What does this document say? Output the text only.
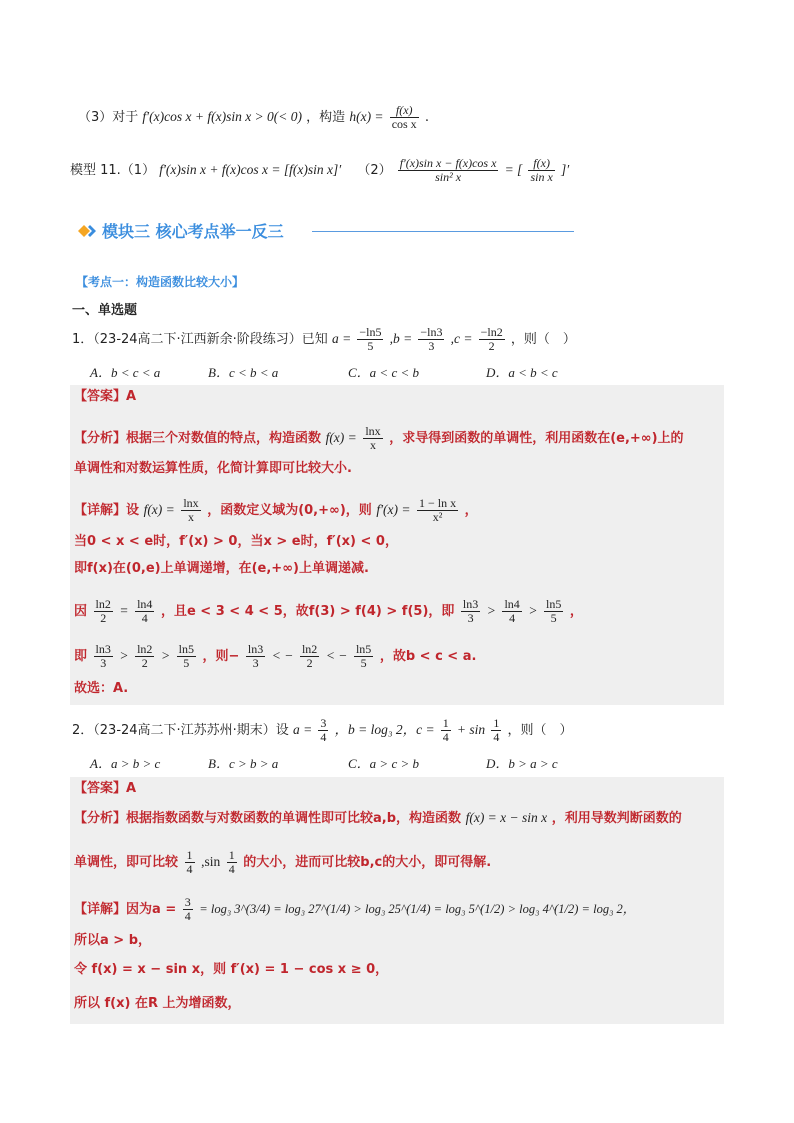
（3）对于 f′(x)cos x + f(x)sin x > 0(< 0) ，构造 $h(x) = \frac{f(x)}{\text{cos x}}$ .
模型 11.（1） f′(x)sin x + f(x)cos x = [f(x)sin x]′ $(2) \frac{\text{f′(x)sin x − f(x)cos x}}{\text{sin² x}}$ = [ $\frac{f(x)}{\text{sin x}}$ ]′
模块三 核心考点举一反三
【考点一：构造函数比较大小】
一、单选题
1．（23-24高二下·江西新余·阶段练习）已知 $a = \frac{-\ln 5}{5} ,b = \frac{-\ln 3}{3} ,c = \frac{-\ln 2}{2}$ ，则（　）
A．b < c < a	B．c < b < a	C．a < c < b	D．a < b < c
【答案】A
【分析】根据三个对数值的特点，构造函数 $f(x) = \frac{\ln x}{x}$ ，求导得到函数的单调性，利用函数在(e,+∞)上的
单调性和对数运算性质，化简计算即可比较大小.
【详解】设 $f(x) = \frac{\ln x}{x}$ ，函数定义域为(0,+∞)，则 $f'(x) = \frac{\text{1 − ln x}}{\text{x²}}$ ，
当0 < x < e时，f′(x) > 0，当x > e时，f′(x) < 0，
即f(x)在(0,e)上单调递增，在(e,+∞)上单调递减.
因 $\frac{\ln 2}{2} = \frac{\ln 4}{4}$ ，且e < 3 < 4 < 5，故f(3) > f(4) > f(5)，即 $\frac{\ln 3}{3} > \frac{\ln 4}{4} > \frac{\ln 5}{5}$ ，
即 $\frac{\ln 3}{3} > \frac{\ln 2}{2} > \frac{\ln 5}{5}$ ，则− $\frac{\ln 3}{3}$ < − $\frac{\ln 2}{2}$ < − $\frac{\ln 5}{5}$ ，故b < c < a.
故选：A.
2．（23-24高二下·江苏苏州·期末）设 $a = \frac{3}{4}$ ，b = log₃ 2，$c = \frac{1}{4} + \sin \frac{1}{4}$ ，则（　）
A．a > b > c	B．c > b > a	C．a > c > b	D．b > a > c
【答案】A
【分析】根据指数函数与对数函数的单调性即可比较a,b，构造函数 f(x) = x − sin x ，利用导数判断函数的
单调性，即可比较 $\frac{1}{4} ,\sin \frac{1}{4}$ 的大小，进而可比较b,c的大小，即可得解.
【详解】因为$a = \frac{3}{4} = \log_3$ 3^(3/4) = log₃ 27^(1/4) > log₃ 25^(1/4) = log₃ 5^(1/2) > log₃ 4^(1/2) = log₃ 2，
所以a > b，
令 f(x) = x − sin x，则 f′(x) = 1 − cos x ≥ 0，
所以 f(x) 在R 上为增函数，
